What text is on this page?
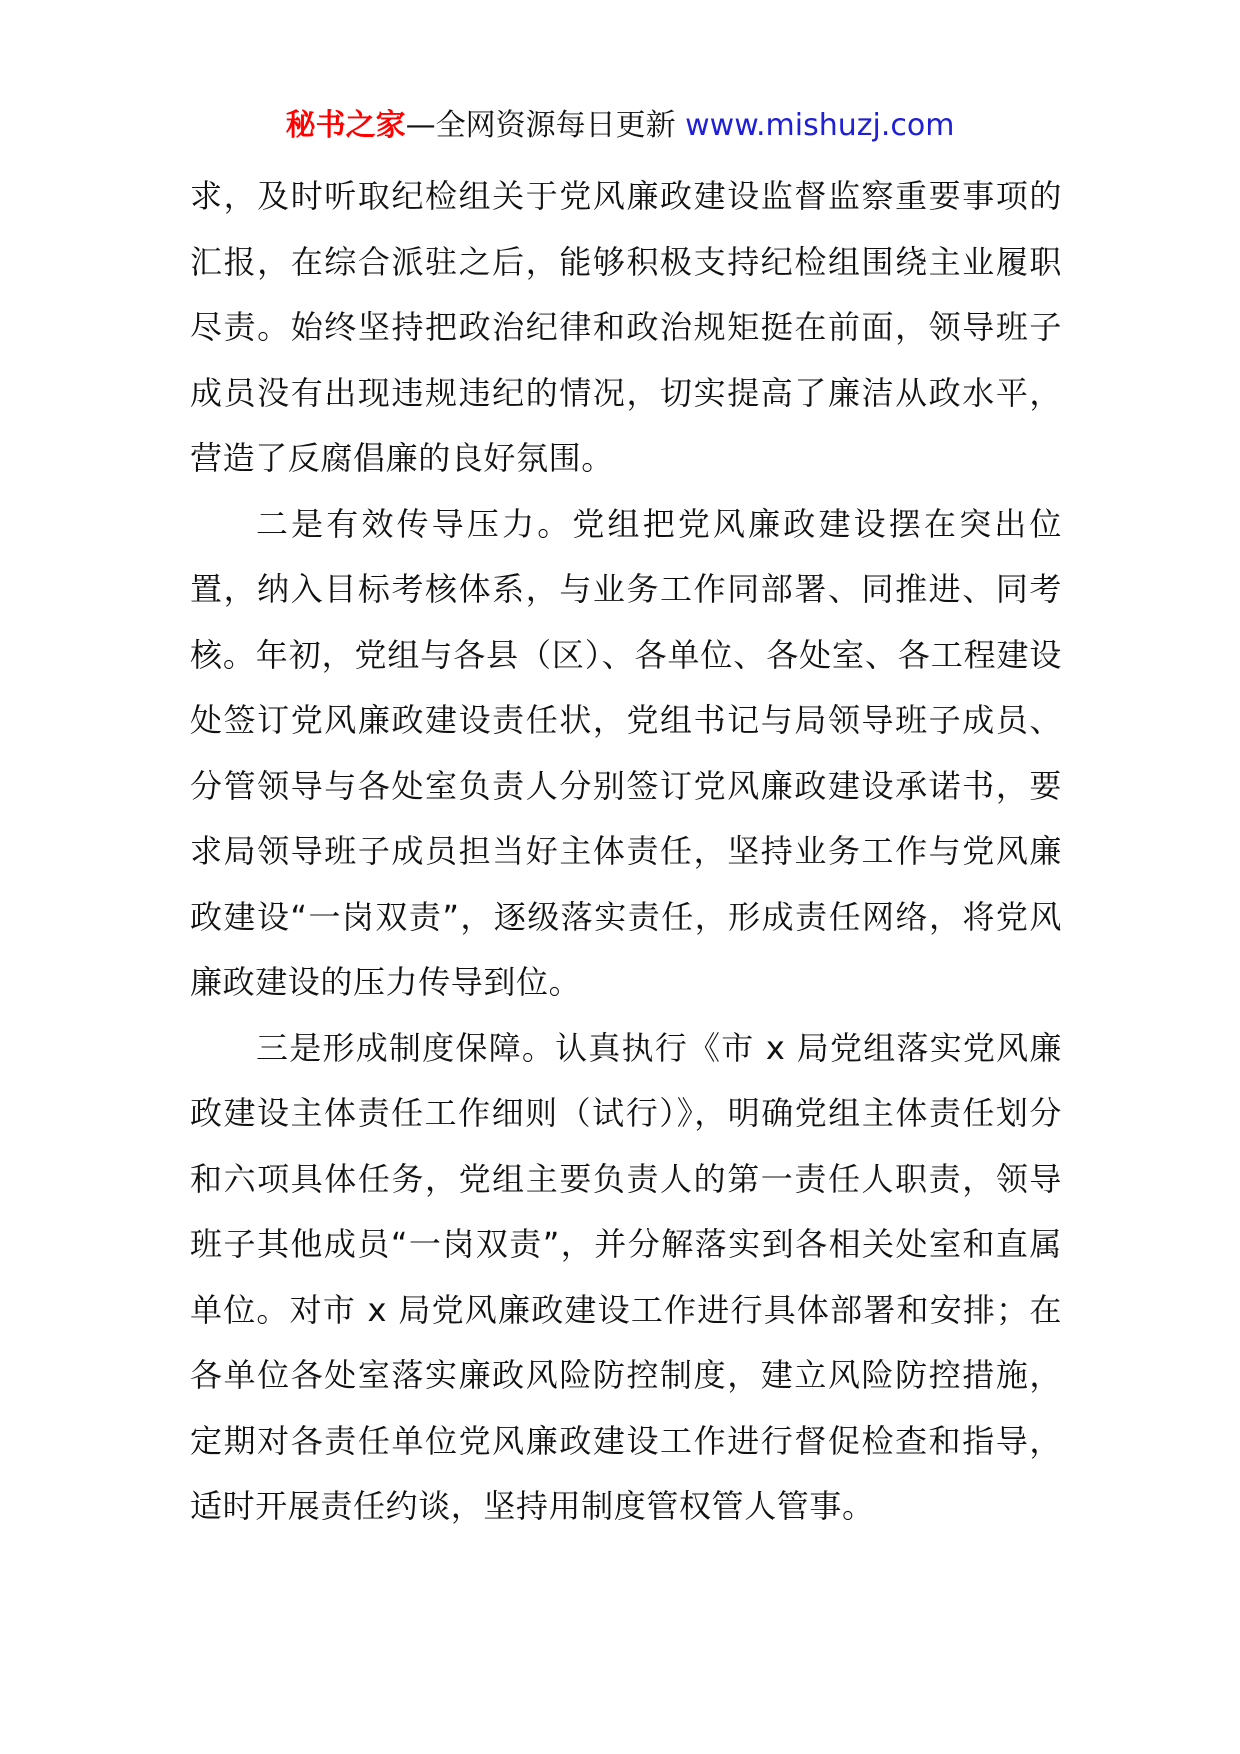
秘书之家—全网资源每日更新 www.mishuzj.com

求，及时听取纪检组关于党风廉政建设监督监察重要事项的汇报，在综合派驻之后，能够积极支持纪检组围绕主业履职尽责。始终坚持把政治纪律和政治规矩挺在前面，领导班子成员没有出现违规违纪的情况，切实提高了廉洁从政水平，营造了反腐倡廉的良好氛围。

二是有效传导压力。党组把党风廉政建设摆在突出位置，纳入目标考核体系，与业务工作同部署、同推进、同考核。年初，党组与各县（区）、各单位、各处室、各工程建设处签订党风廉政建设责任状，党组书记与局领导班子成员、分管领导与各处室负责人分别签订党风廉政建设承诺书，要求局领导班子成员担当好主体责任，坚持业务工作与党风廉政建设“一岗双责”，逐级落实责任，形成责任网络，将党风廉政建设的压力传导到位。

三是形成制度保障。认真执行《市 x 局党组落实党风廉政建设主体责任工作细则（试行）》，明确党组主体责任划分和六项具体任务，党组主要负责人的第一责任人职责，领导班子其他成员“一岗双责”，并分解落实到各相关处室和直属单位。对市 x 局党风廉政建设工作进行具体部署和安排；在各单位各处室落实廉政风险防控制度，建立风险防控措施，定期对各责任单位党风廉政建设工作进行督促检查和指导，适时开展责任约谈，坚持用制度管权管人管事。
